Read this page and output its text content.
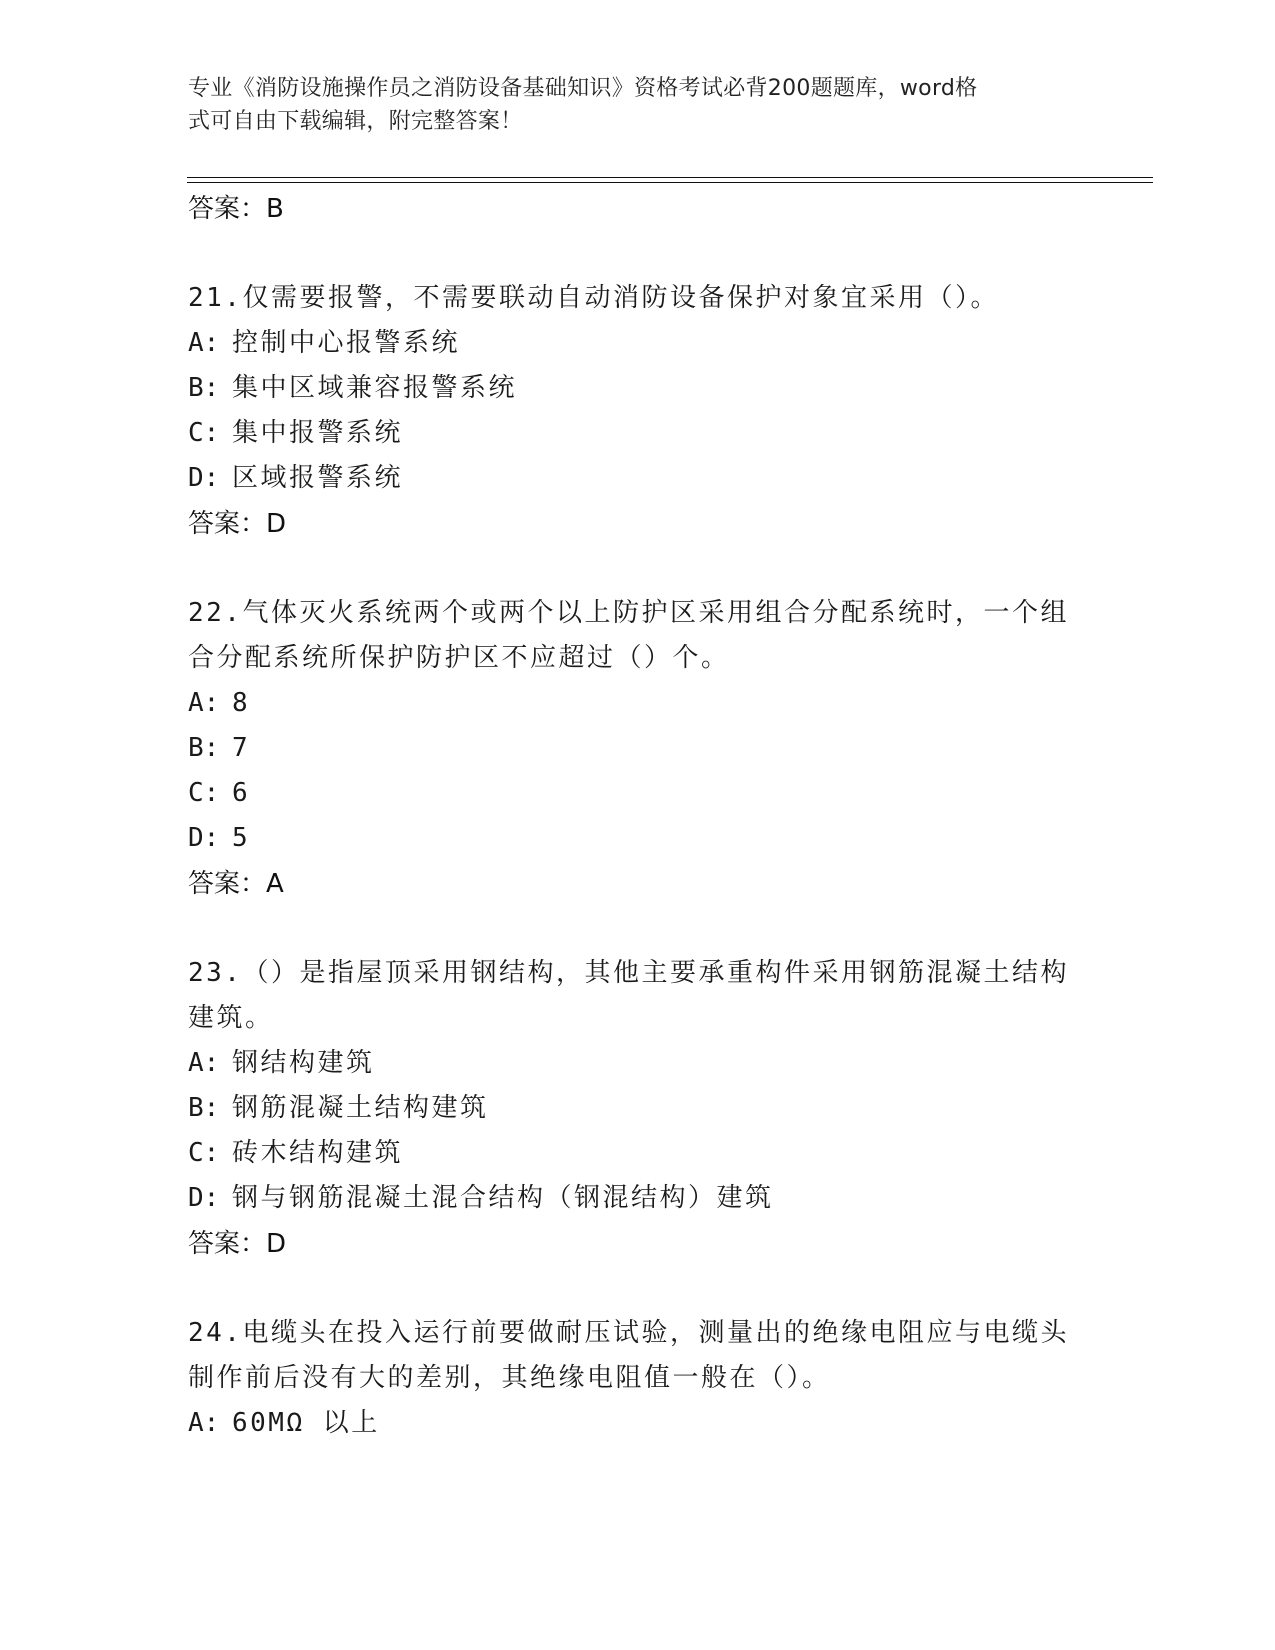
专业《消防设施操作员之消防设备基础知识》资格考试必背200题题库，word格
式可自由下载编辑，附完整答案！
答案：B
21.仅需要报警，不需要联动自动消防设备保护对象宜采用（）。
A: 控制中心报警系统
B: 集中区域兼容报警系统
C: 集中报警系统
D: 区域报警系统
答案：D
22.气体灭火系统两个或两个以上防护区采用组合分配系统时，一个组
合分配系统所保护防护区不应超过（）个。
A: 8
B: 7
C: 6
D: 5
答案：A
23.（）是指屋顶采用钢结构，其他主要承重构件采用钢筋混凝土结构
建筑。
A: 钢结构建筑
B: 钢筋混凝土结构建筑
C: 砖木结构建筑
D: 钢与钢筋混凝土混合结构（钢混结构）建筑
答案：D
24.电缆头在投入运行前要做耐压试验，测量出的绝缘电阻应与电缆头
制作前后没有大的差别，其绝缘电阻值一般在（）。
A: 60MΩ 以上
